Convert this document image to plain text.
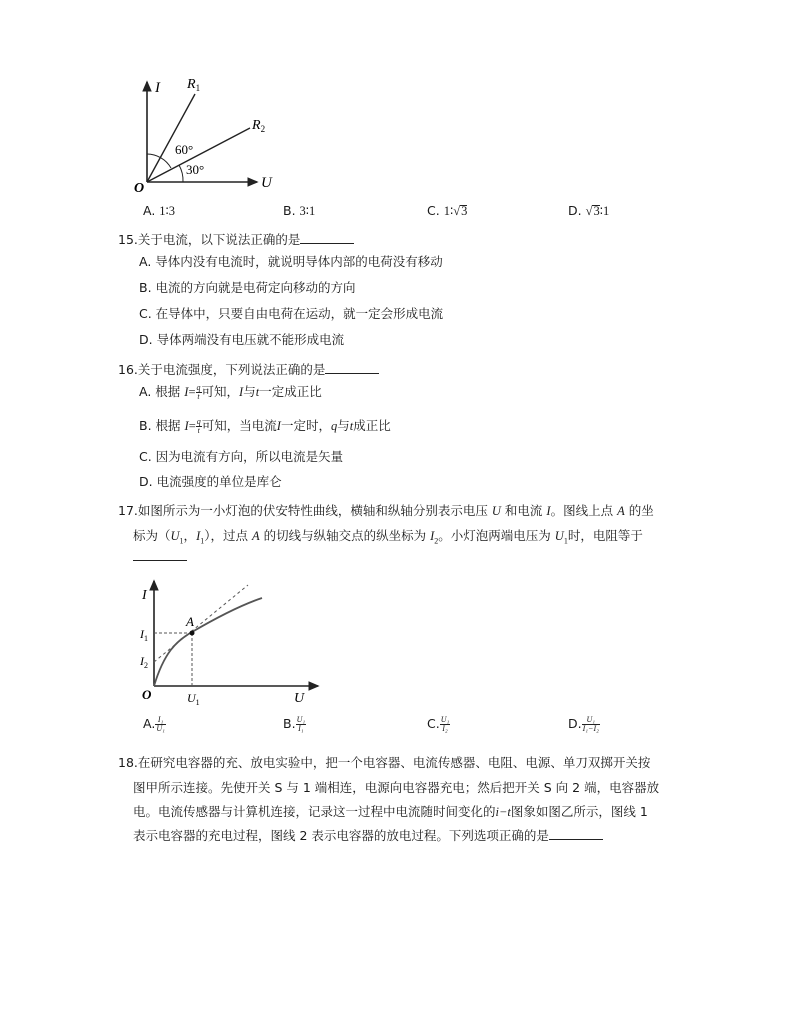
I
U
O
$R_1$
$R_2$
60°
30°
A. 1∶3	B. 3∶1	C. 1∶√3	D. √3∶1
15.关于电流，以下说法正确的是
A. 导体内没有电流时，就说明导体内部的电荷没有移动
B. 电流的方向就是电荷定向移动的方向
C. 在导体中，只要自由电荷在运动，就一定会形成电流
D. 导体两端没有电压就不能形成电流
16.关于电流强度，下列说法正确的是
A. 根据 $I= \frac{q}{t}$ 可知，I与t一定成正比
B. 根据 $I= \frac{q}{t}$ 可知，当电流I一定时，q与t成正比
C. 因为电流有方向，所以电流是矢量
D. 电流强度的单位是库仑
17.如图所示为一小灯泡的伏安特性曲线，横轴和纵轴分别表示电压 U 和电流 I。图线上点 A 的坐
标为（$U_1$，$I_1$），过点 A 的切线与纵轴交点的纵坐标为 $I_2$。小灯泡两端电压为 $U_1$时，电阻等于
I
U
O
A
$I_1$
$I_2$
$U_1$
A. $\frac{\text{I₁}}{\text{U₁}}$	B. $\frac{\text{U₁}}{\text{I₁}}$	C. $\frac{\text{U₁}}{\text{I₂}}$	D. $\frac{\text{U₁}}{\text{I₁−I₂}}$
18.在研究电容器的充、放电实验中，把一个电容器、电流传感器、电阻、电源、单刀双掷开关按
图甲所示连接。先使开关 S 与 1 端相连，电源向电容器充电；然后把开关 S 向 2 端，电容器放
电。电流传感器与计算机连接，记录这一过程中电流随时间变化的i−t图象如图乙所示，图线 1
表示电容器的充电过程，图线 2 表示电容器的放电过程。下列选项正确的是
